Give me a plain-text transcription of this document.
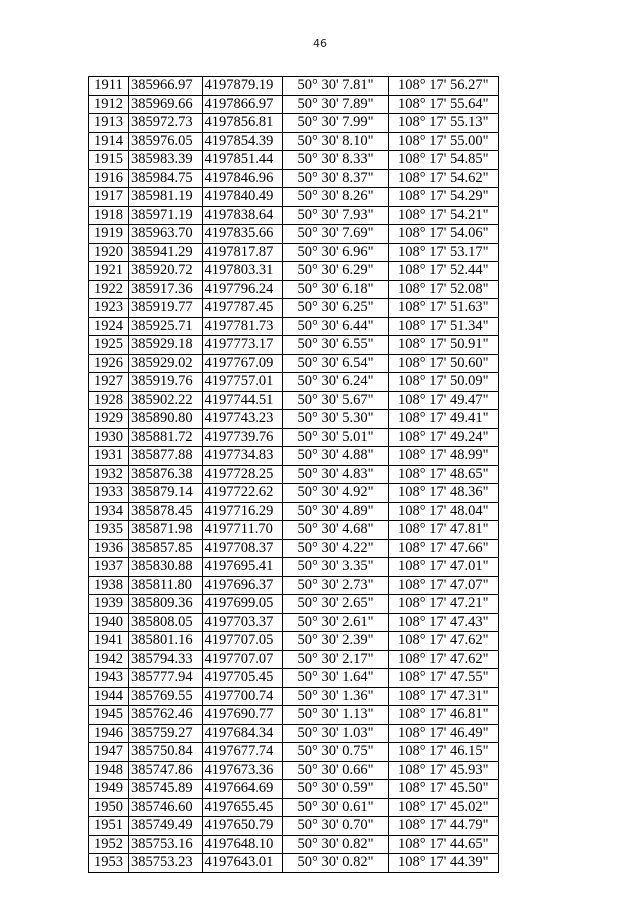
46
1911	385966.97	4197879.19	50° 30' 7.81"	108° 17' 56.27"
1912	385969.66	4197866.97	50° 30' 7.89"	108° 17' 55.64"
1913	385972.73	4197856.81	50° 30' 7.99"	108° 17' 55.13"
1914	385976.05	4197854.39	50° 30' 8.10"	108° 17' 55.00"
1915	385983.39	4197851.44	50° 30' 8.33"	108° 17' 54.85"
1916	385984.75	4197846.96	50° 30' 8.37"	108° 17' 54.62"
1917	385981.19	4197840.49	50° 30' 8.26"	108° 17' 54.29"
1918	385971.19	4197838.64	50° 30' 7.93"	108° 17' 54.21"
1919	385963.70	4197835.66	50° 30' 7.69"	108° 17' 54.06"
1920	385941.29	4197817.87	50° 30' 6.96"	108° 17' 53.17"
1921	385920.72	4197803.31	50° 30' 6.29"	108° 17' 52.44"
1922	385917.36	4197796.24	50° 30' 6.18"	108° 17' 52.08"
1923	385919.77	4197787.45	50° 30' 6.25"	108° 17' 51.63"
1924	385925.71	4197781.73	50° 30' 6.44"	108° 17' 51.34"
1925	385929.18	4197773.17	50° 30' 6.55"	108° 17' 50.91"
1926	385929.02	4197767.09	50° 30' 6.54"	108° 17' 50.60"
1927	385919.76	4197757.01	50° 30' 6.24"	108° 17' 50.09"
1928	385902.22	4197744.51	50° 30' 5.67"	108° 17' 49.47"
1929	385890.80	4197743.23	50° 30' 5.30"	108° 17' 49.41"
1930	385881.72	4197739.76	50° 30' 5.01"	108° 17' 49.24"
1931	385877.88	4197734.83	50° 30' 4.88"	108° 17' 48.99"
1932	385876.38	4197728.25	50° 30' 4.83"	108° 17' 48.65"
1933	385879.14	4197722.62	50° 30' 4.92"	108° 17' 48.36"
1934	385878.45	4197716.29	50° 30' 4.89"	108° 17' 48.04"
1935	385871.98	4197711.70	50° 30' 4.68"	108° 17' 47.81"
1936	385857.85	4197708.37	50° 30' 4.22"	108° 17' 47.66"
1937	385830.88	4197695.41	50° 30' 3.35"	108° 17' 47.01"
1938	385811.80	4197696.37	50° 30' 2.73"	108° 17' 47.07"
1939	385809.36	4197699.05	50° 30' 2.65"	108° 17' 47.21"
1940	385808.05	4197703.37	50° 30' 2.61"	108° 17' 47.43"
1941	385801.16	4197707.05	50° 30' 2.39"	108° 17' 47.62"
1942	385794.33	4197707.07	50° 30' 2.17"	108° 17' 47.62"
1943	385777.94	4197705.45	50° 30' 1.64"	108° 17' 47.55"
1944	385769.55	4197700.74	50° 30' 1.36"	108° 17' 47.31"
1945	385762.46	4197690.77	50° 30' 1.13"	108° 17' 46.81"
1946	385759.27	4197684.34	50° 30' 1.03"	108° 17' 46.49"
1947	385750.84	4197677.74	50° 30' 0.75"	108° 17' 46.15"
1948	385747.86	4197673.36	50° 30' 0.66"	108° 17' 45.93"
1949	385745.89	4197664.69	50° 30' 0.59"	108° 17' 45.50"
1950	385746.60	4197655.45	50° 30' 0.61"	108° 17' 45.02"
1951	385749.49	4197650.79	50° 30' 0.70"	108° 17' 44.79"
1952	385753.16	4197648.10	50° 30' 0.82"	108° 17' 44.65"
1953	385753.23	4197643.01	50° 30' 0.82"	108° 17' 44.39"
